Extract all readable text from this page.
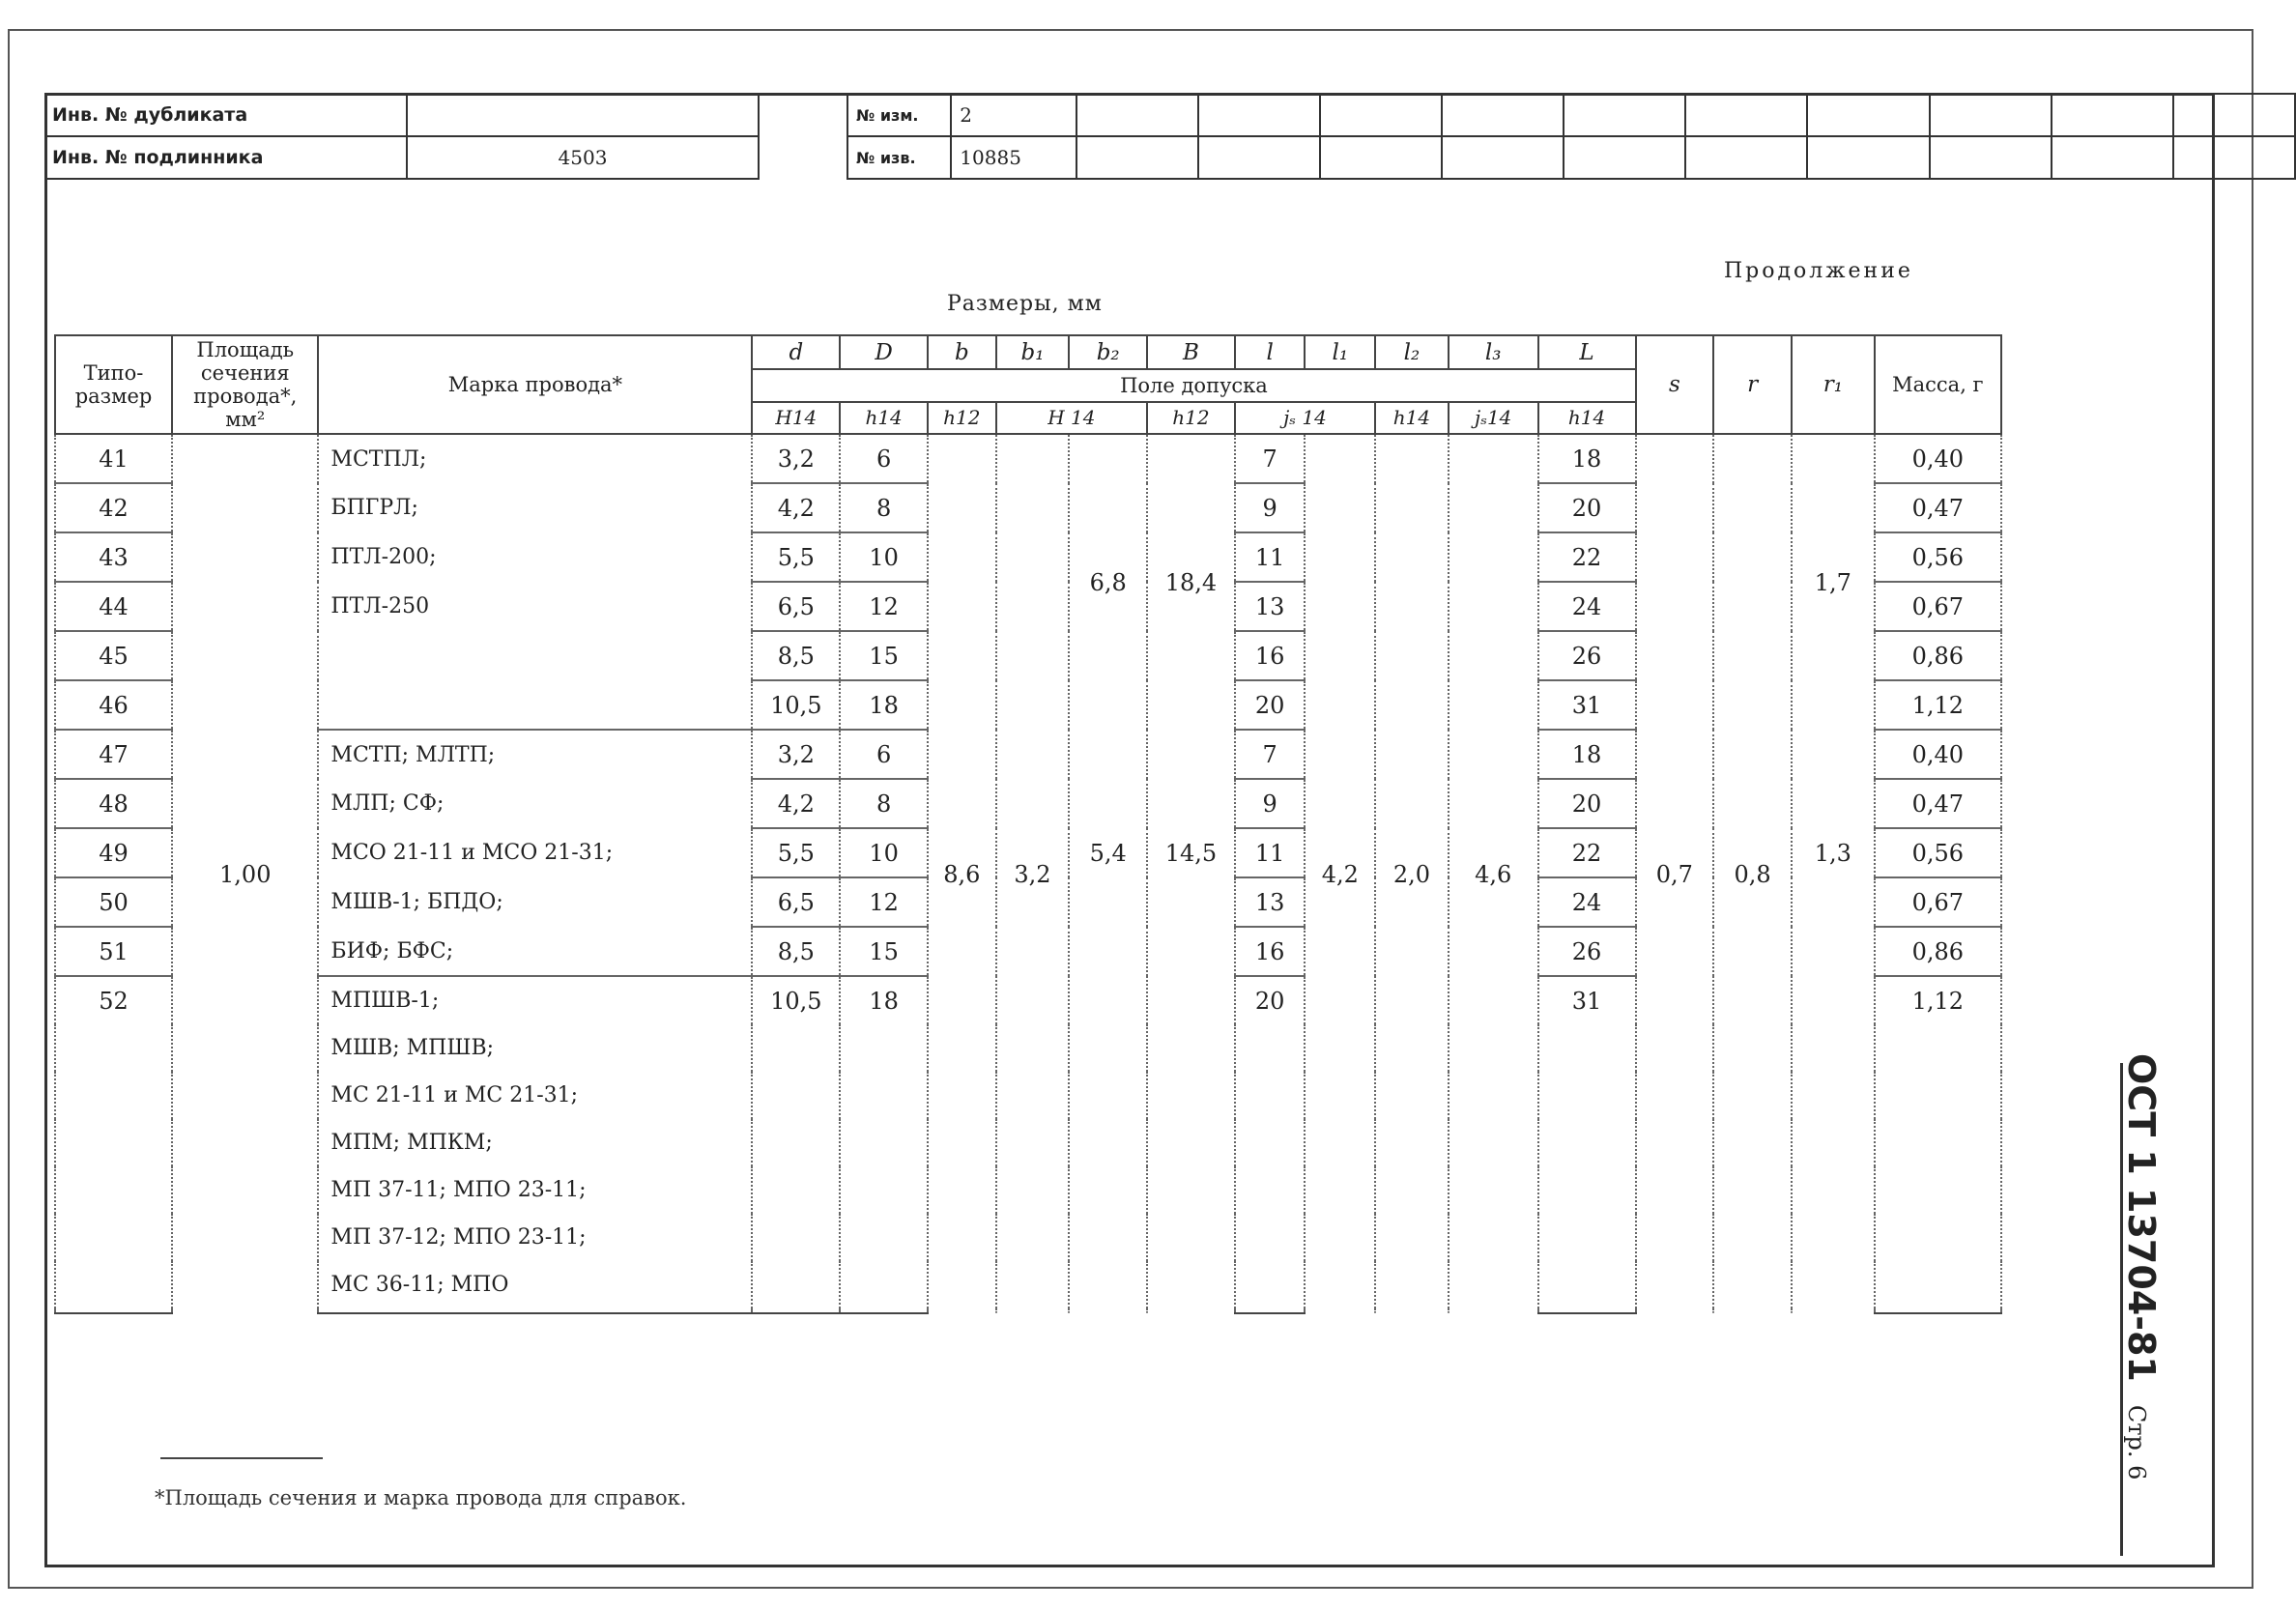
Инв. № дубликата	
Инв. № подлинника	4503
№ изм.	2										
№ изв.	10885										
Продолжение
Размеры, мм
Типо-размер	Площадь сечения провода*, мм²	Марка провода*	d	D	b	b₁	b₂	B	l	l₁	l₂	l₃	L	s	r	r₁	Масса, г
			Поле допуска														
			H14	h14	h12	H 14		h12	jₛ 14		h14	jₛ14	h14				
41	1,00	МСТПЛ;	3,2	6	8,6	3,2	6,8	18,4	7	4,2	2,0	4,6	18	0,7	0,8	1,7	0,40
42		БПГРЛ;	4,2	8					9				20				0,47
43		ПТЛ-200;	5,5	10					11				22				0,56
44		ПТЛ-250	6,5	12					13				24				0,67
45			8,5	15					16				26				0,86
46			10,5	18					20				31				1,12
47		МСТП; МЛТП;	3,2	6			5,4	14,5	7				18			1,3	0,40
48		МЛП; СФ;	4,2	8					9				20				0,47
49		МСО 21-11 и МСО 21-31;	5,5	10					11				22				0,56
50		МШВ-1; БПДО;	6,5	12					13				24				0,67
51		БИФ; БФС;	8,5	15					16				26				0,86
52		МПШВ-1;	10,5	18					20				31				1,12
		МШВ; МПШВ;															
		МС 21-11 и МС 21-31;															
		МПМ; МПКМ;															
		МП 37-11; МПО 23-11;															
		МП 37-12; МПО 23-11;															
		МС 36-11; МПО															

*Площадь сечения и марка провода для справок.
ОСТ 1 13704-81Стр. 6
